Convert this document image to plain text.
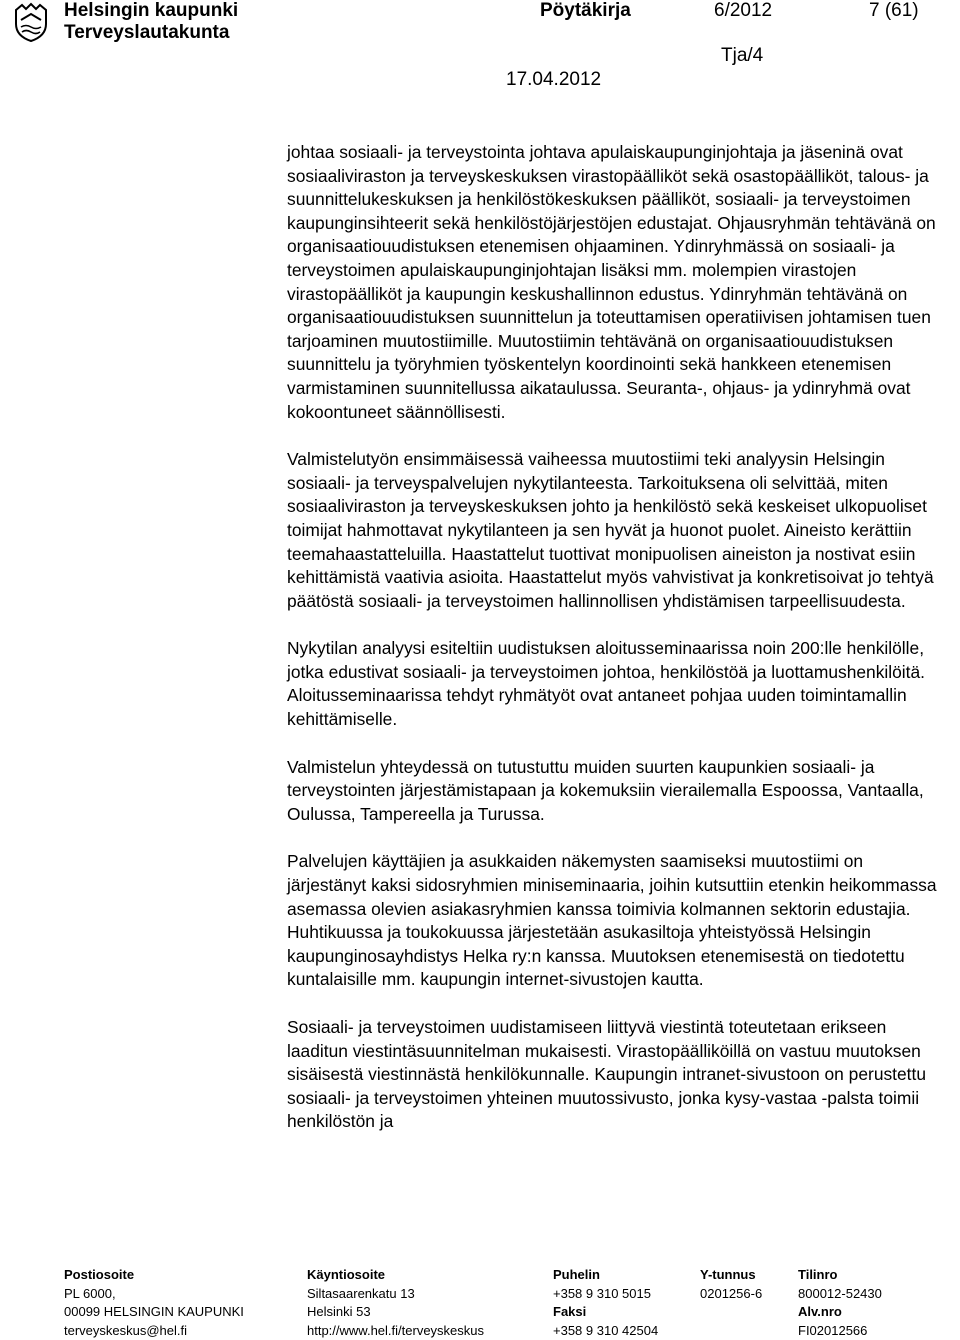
Helsingin kaupunki
Terveyslautakunta
Pöytäkirja	6/2012	7 (61)
Tja/4
17.04.2012

johtaa sosiaali- ja terveystointa johtava apulaiskaupunginjohtaja ja jäseninä ovat sosiaaliviraston ja terveyskeskuksen virastopäälliköt sekä osastopäälliköt, talous- ja suunnittelukeskuksen ja henkilöstökeskuksen päälliköt, sosiaali- ja terveystoimen kaupunginsihteerit sekä henkilöstöjärjestöjen edustajat. Ohjausryhmän tehtävänä on organisaatiouudistuksen etenemisen ohjaaminen. Ydinryhmässä on sosiaali- ja terveystoimen apulaiskaupunginjohtajan lisäksi mm. molempien virastojen virastopäälliköt ja kaupungin keskushallinnon edustus. Ydinryhmän tehtävänä on organisaatiouudistuksen suunnittelun ja toteuttamisen operatiivisen johtamisen tuen tarjoaminen muutostiimille. Muutostiimin tehtävänä on organisaatiouudistuksen suunnittelu ja työryhmien työskentelyn koordinointi sekä hankkeen etenemisen varmistaminen suunnitellussa aikataulussa. Seuranta-, ohjaus- ja ydinryhmä ovat kokoontuneet säännöllisesti.

Valmistelutyön ensimmäisessä vaiheessa muutostiimi teki analyysin Helsingin sosiaali- ja terveyspalvelujen nykytilanteesta. Tarkoituksena oli selvittää, miten sosiaaliviraston ja terveyskeskuksen johto ja henkilöstö sekä keskeiset ulkopuoliset toimijat hahmottavat nykytilanteen ja sen hyvät ja huonot puolet. Aineisto kerättiin teemahaastatteluilla. Haastattelut tuottivat monipuolisen aineiston ja nostivat esiin kehittämistä vaativia asioita. Haastattelut myös vahvistivat ja konkretisoivat jo tehtyä päätöstä sosiaali- ja terveystoimen hallinnollisen yhdistämisen tarpeellisuudesta.

Nykytilan analyysi esiteltiin uudistuksen aloitusseminaarissa noin 200:lle henkilölle, jotka edustivat sosiaali- ja terveystoimen johtoa, henkilöstöä ja luottamushenkilöitä. Aloitusseminaarissa tehdyt ryhmätyöt ovat antaneet pohjaa uuden toimintamallin kehittämiselle.

Valmistelun yhteydessä on tutustuttu muiden suurten kaupunkien sosiaali- ja terveystointen järjestämistapaan ja kokemuksiin vierailemalla Espoossa, Vantaalla, Oulussa, Tampereella ja Turussa.

Palvelujen käyttäjien ja asukkaiden näkemysten saamiseksi muutostiimi on järjestänyt kaksi sidosryhmien miniseminaaria, joihin kutsuttiin etenkin heikommassa asemassa olevien asiakasryhmien kanssa toimivia kolmannen sektorin edustajia. Huhtikuussa ja toukokuussa järjestetään asukasiltoja yhteistyössä Helsingin kaupunginosayhdistys Helka ry:n kanssa. Muutoksen etenemisestä on tiedotettu kuntalaisille mm. kaupungin internet-sivustojen kautta.

Sosiaali- ja terveystoimen uudistamiseen liittyvä viestintä toteutetaan erikseen laaditun viestintäsuunnitelman mukaisesti. Virastopäälliköillä on vastuu muutoksen sisäisestä viestinnästä henkilökunnalle. Kaupungin intranet-sivustoon on perustettu sosiaali- ja terveystoimen yhteinen muutossivusto, jonka kysy-vastaa -palsta toimii henkilöstön ja

Postiosoite
PL 6000,
00099 HELSINGIN KAUPUNKI
terveyskeskus@hel.fi
Käyntiosoite
Siltasaarenkatu 13
Helsinki 53
http://www.hel.fi/terveyskeskus
Puhelin
+358 9 310 5015
Faksi
+358 9 310 42504
Y-tunnus
0201256-6
Tilinro
800012-52430
Alv.nro
FI02012566
